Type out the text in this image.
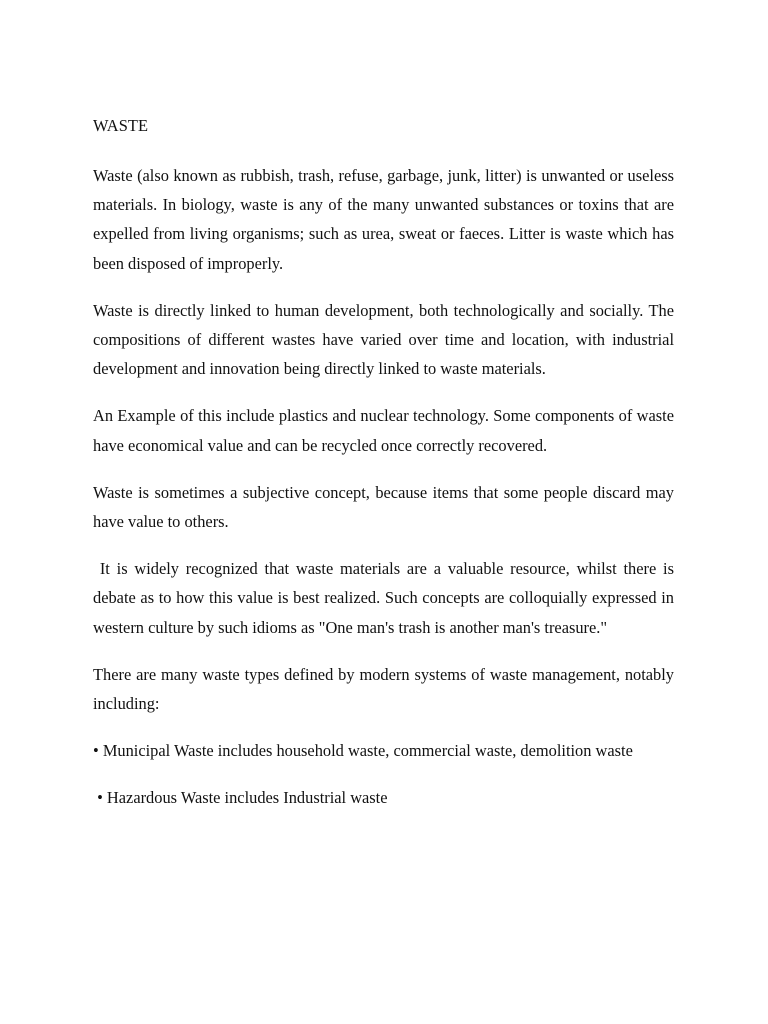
WASTE

Waste (also known as rubbish, trash, refuse, garbage, junk, litter) is unwanted or useless materials. In biology, waste is any of the many unwanted substances or toxins that are expelled from living organisms; such as urea, sweat or faeces. Litter is waste which has been disposed of improperly.

Waste is directly linked to human development, both technologically and socially. The compositions of different wastes have varied over time and location, with industrial development and innovation being directly linked to waste materials.

An Example of this include plastics and nuclear technology. Some components of waste have economical value and can be recycled once correctly recovered.

Waste is sometimes a subjective concept, because items that some people discard may have value to others.

It is widely recognized that waste materials are a valuable resource, whilst there is debate as to how this value is best realized. Such concepts are colloquially expressed in western culture by such idioms as "One man's trash is another man's treasure."

There are many waste types defined by modern systems of waste management, notably including:

• Municipal Waste includes household waste, commercial waste, demolition waste

• Hazardous Waste includes Industrial waste
